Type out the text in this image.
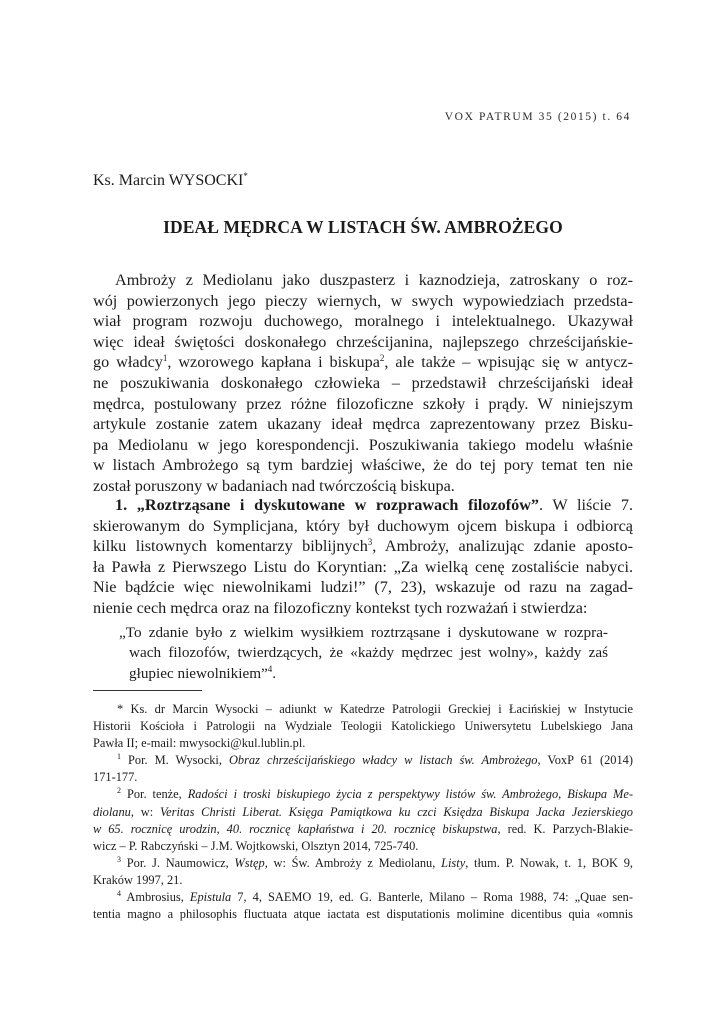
VOX PATRUM 35 (2015) t. 64
Ks. Marcin WYSOCKI*
IDEAŁ MĘDRCA W LISTACH ŚW. AMBROŻEGO
Ambroży z Mediolanu jako duszpasterz i kaznodzieja, zatroskany o roz-
wój powierzonych jego pieczy wiernych, w swych wypowiedziach przedsta-
wiał program rozwoju duchowego, moralnego i intelektualnego. Ukazywał
więc ideał świętości doskonałego chrześcijanina, najlepszego chrześcijańskie-
go władcy$^1$, wzorowego kapłana i biskupa$^2$, ale także – wpisując się w antycz-
ne poszukiwania doskonałego człowieka – przedstawił chrześcijański ideał
mędrca, postulowany przez różne filozoficzne szkoły i prądy. W niniejszym
artykule zostanie zatem ukazany ideał mędrca zaprezentowany przez Bisku-
pa Mediolanu w jego korespondencji. Poszukiwania takiego modelu właśnie
w listach Ambrożego są tym bardziej właściwe, że do tej pory temat ten nie
został poruszony w badaniach nad twórczością biskupa.
1. „Roztrząsane i dyskutowane w rozprawach filozofów”. W liście 7.
skierowanym do Symplicjana, który był duchowym ojcem biskupa i odbiorcą
kilku listownych komentarzy biblijnych$^3$, Ambroży, analizując zdanie aposto-
ła Pawła z Pierwszego Listu do Koryntian: „Za wielką cenę zostaliście nabyci.
Nie bądźcie więc niewolnikami ludzi!” (7, 23), wskazuje od razu na zagad-
nienie cech mędrca oraz na filozoficzny kontekst tych rozważań i stwierdza:
„To zdanie było z wielkim wysiłkiem roztrząsane i dyskutowane w rozpra-
wach filozofów, twierdzących, że «każdy mędrzec jest wolny», każdy zaś
głupiec niewolnikiem”$^4$.
* Ks. dr Marcin Wysocki – adiunkt w Katedrze Patrologii Greckiej i Łacińskiej w Instytucie
Historii Kościoła i Patrologii na Wydziale Teologii Katolickiego Uniwersytetu Lubelskiego Jana
Pawła II; e-mail: mwysocki@kul.lublin.pl.
$^1$ Por. M. Wysocki, Obraz chrześcijańskiego władcy w listach św. Ambrożego, VoxP 61 (2014)
171-177.
$^2$ Por. tenże, Radości i troski biskupiego życia z perspektywy listów św. Ambrożego, Biskupa Me-
diolanu, w: Veritas Christi Liberat. Księga Pamiątkowa ku czci Księdza Biskupa Jacka Jezierskiego
w 65. rocznicę urodzin, 40. rocznicę kapłaństwa i 20. rocznicę biskupstwa, red. K. Parzych-Blakie-
wicz – P. Rabczyński – J.M. Wojtkowski, Olsztyn 2014, 725-740.
$^3$ Por. J. Naumowicz, Wstęp, w: Św. Ambroży z Mediolanu, Listy, tłum. P. Nowak, t. 1, BOK 9,
Kraków 1997, 21.
$^4$ Ambrosius, Epistula 7, 4, SAEMO 19, ed. G. Banterle, Milano – Roma 1988, 74: „Quae sen-
tentia magno a philosophis fluctuata atque iactata est disputationis molimine dicentibus quia «omnis
